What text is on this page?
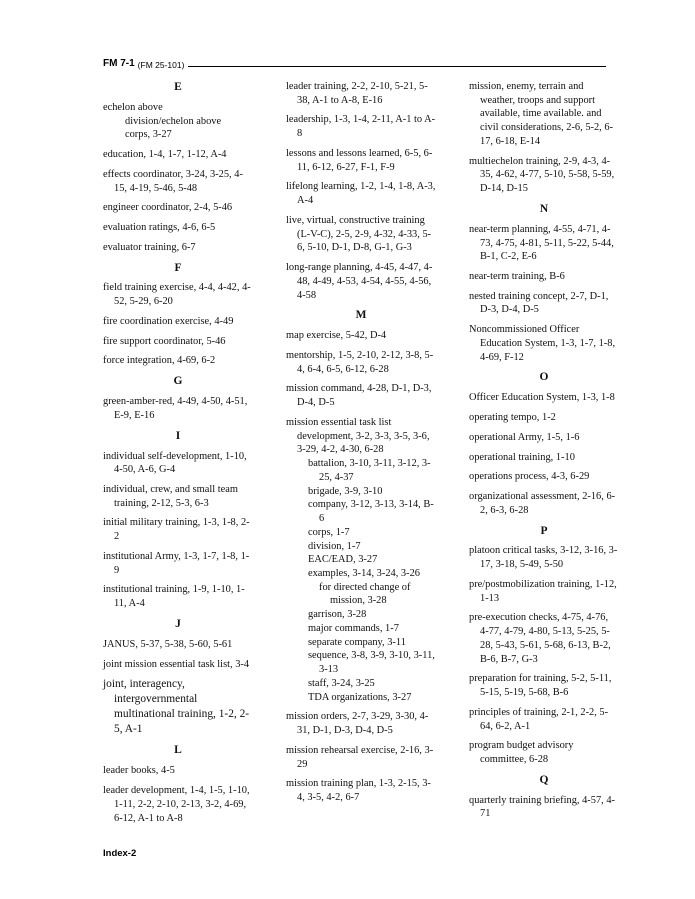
FM 7-1 (FM 25-101)
E
echelon above
division/echelon above
corps, 3-27
education, 1-4, 1-7, 1-12, A-4
effects coordinator, 3-24, 3-25, 4-15, 4-19, 5-46, 5-48
engineer coordinator, 2-4, 5-46
evaluation ratings, 4-6, 6-5
evaluator training, 6-7
F
field training exercise, 4-4, 4-42, 4-52, 5-29, 6-20
fire coordination exercise, 4-49
fire support coordinator, 5-46
force integration, 4-69, 6-2
G
green-amber-red, 4-49, 4-50, 4-51, E-9, E-16
I
individual self-development, 1-10, 4-50, A-6, G-4
individual, crew, and small team training, 2-12, 5-3, 6-3
initial military training, 1-3, 1-8, 2-2
institutional Army, 1-3, 1-7, 1-8, 1-9
institutional training, 1-9, 1-10, 1-11, A-4
J
JANUS, 5-37, 5-38, 5-60, 5-61
joint mission essential task list, 3-4
joint, interagency, intergovernmental multinational training, 1-2, 2-5, A-1
L
leader books, 4-5
leader development, 1-4, 1-5, 1-10, 1-11, 2-2, 2-10, 2-13, 3-2, 4-69, 6-12, A-1 to A-8
leader training, 2-2, 2-10, 5-21, 5-38, A-1 to A-8, E-16
leadership, 1-3, 1-4, 2-11, A-1 to A-8
lessons and lessons learned, 6-5, 6-11, 6-12, 6-27, F-1, F-9
lifelong learning, 1-2, 1-4, 1-8, A-3, A-4
live, virtual, constructive training (L-V-C), 2-5, 2-9, 4-32, 4-33, 5-6, 5-10, D-1, D-8, G-1, G-3
long-range planning, 4-45, 4-47, 4-48, 4-49, 4-53, 4-54, 4-55, 4-56, 4-58
M
map exercise, 5-42, D-4
mentorship, 1-5, 2-10, 2-12, 3-8, 5-4, 6-4, 6-5, 6-12, 6-28
mission command, 4-28, D-1, D-3, D-4, D-5
mission essential task list development, 3-2, 3-3, 3-5, 3-6, 3-29, 4-2, 4-30, 6-28
battalion, 3-10, 3-11, 3-12, 3-25, 4-37
brigade, 3-9, 3-10
company, 3-12, 3-13, 3-14, B-6
corps, 1-7
division, 1-7
EAC/EAD, 3-27
examples, 3-14, 3-24, 3-26
for directed change of mission, 3-28
garrison, 3-28
major commands, 1-7
separate company, 3-11
sequence, 3-8, 3-9, 3-10, 3-11, 3-13
staff, 3-24, 3-25
TDA organizations, 3-27
mission orders, 2-7, 3-29, 3-30, 4-31, D-1, D-3, D-4, D-5
mission rehearsal exercise, 2-16, 3-29
mission training plan, 1-3, 2-15, 3-4, 3-5, 4-2, 6-7
mission, enemy, terrain and weather, troops and support available, time available. and civil considerations, 2-6, 5-2, 6-17, 6-18, E-14
multiechelon training, 2-9, 4-3, 4-35, 4-62, 4-77, 5-10, 5-58, 5-59, D-14, D-15
N
near-term planning, 4-55, 4-71, 4-73, 4-75, 4-81, 5-11, 5-22, 5-44, B-1, C-2, E-6
near-term training, B-6
nested training concept, 2-7, D-1, D-3, D-4, D-5
Noncommissioned Officer Education System, 1-3, 1-7, 1-8, 4-69, F-12
O
Officer Education System, 1-3, 1-8
operating tempo, 1-2
operational Army, 1-5, 1-6
operational training, 1-10
operations process, 4-3, 6-29
organizational assessment, 2-16, 6-2, 6-3, 6-28
P
platoon critical tasks, 3-12, 3-16, 3-17, 3-18, 5-49, 5-50
pre/postmobilization training, 1-12, 1-13
pre-execution checks, 4-75, 4-76, 4-77, 4-79, 4-80, 5-13, 5-25, 5-28, 5-43, 5-61, 5-68, 6-13, B-2, B-6, B-7, G-3
preparation for training, 5-2, 5-11, 5-15, 5-19, 5-68, B-6
principles of training, 2-1, 2-2, 5-64, 6-2, A-1
program budget advisory committee, 6-28
Q
quarterly training briefing, 4-57, 4-71
Index-2
